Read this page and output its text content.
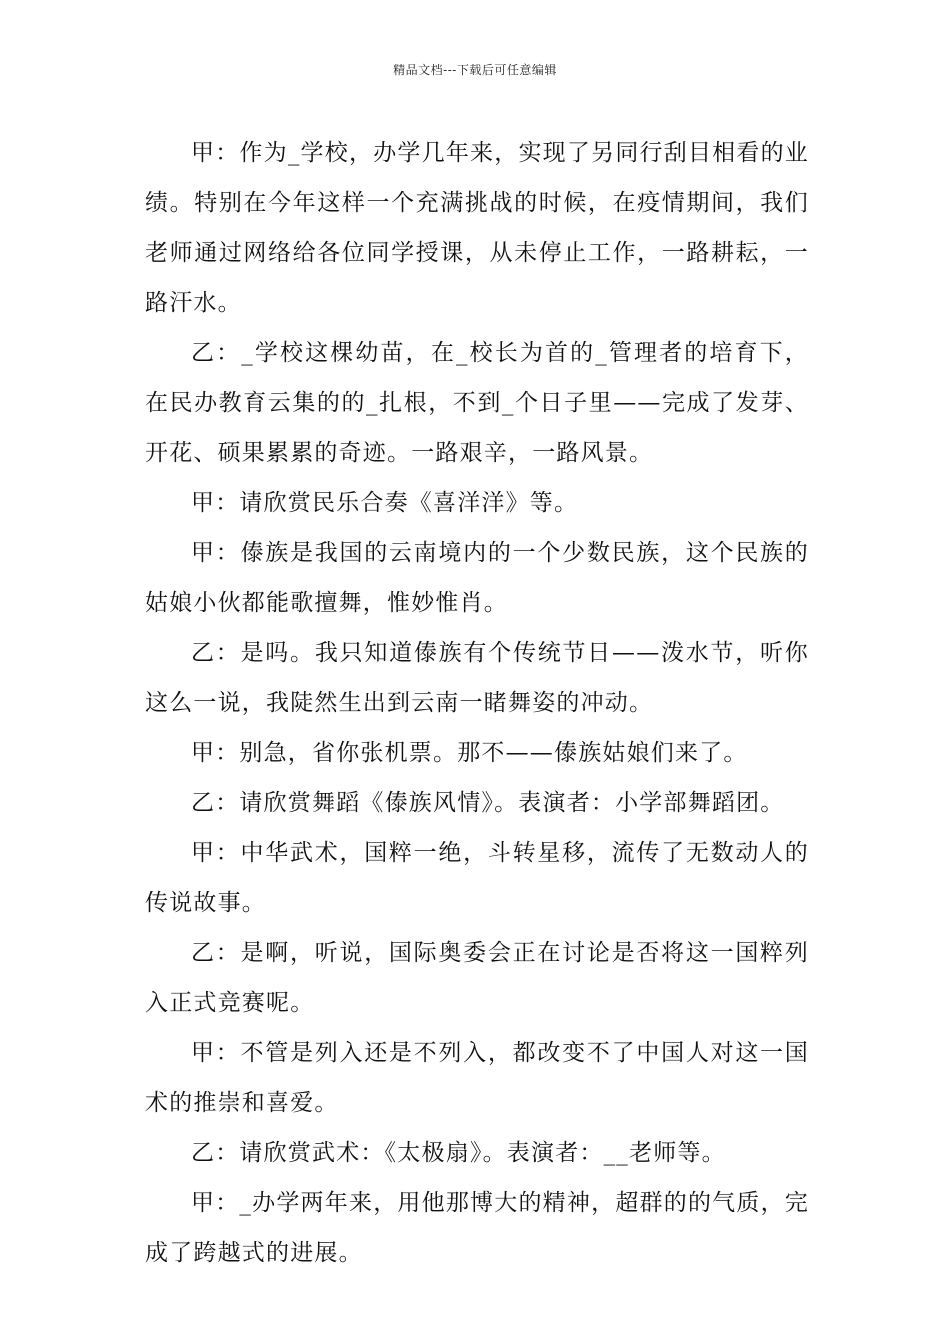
精品文档---下载后可任意编辑

甲：作为_学校，办学几年来，实现了另同行刮目相看的业绩。特别在今年这样一个充满挑战的时候，在疫情期间，我们老师通过网络给各位同学授课，从未停止工作，一路耕耘，一路汗水。

乙：_学校这棵幼苗，在_校长为首的_管理者的培育下，在民办教育云集的的_扎根，不到_个日子里——完成了发芽、开花、硕果累累的奇迹。一路艰辛，一路风景。

甲：请欣赏民乐合奏《喜洋洋》等。

甲：傣族是我国的云南境内的一个少数民族，这个民族的姑娘小伙都能歌擅舞，惟妙惟肖。

乙：是吗。我只知道傣族有个传统节日——泼水节，听你这么一说，我陡然生出到云南一睹舞姿的冲动。

甲：别急，省你张机票。那不——傣族姑娘们来了。

乙：请欣赏舞蹈《傣族风情》。表演者：小学部舞蹈团。

甲：中华武术，国粹一绝，斗转星移，流传了无数动人的传说故事。

乙：是啊，听说，国际奥委会正在讨论是否将这一国粹列入正式竞赛呢。

甲：不管是列入还是不列入，都改变不了中国人对这一国术的推崇和喜爱。

乙：请欣赏武术：《太极扇》。表演者：__老师等。

甲：_办学两年来，用他那博大的精神，超群的的气质，完成了跨越式的进展。
